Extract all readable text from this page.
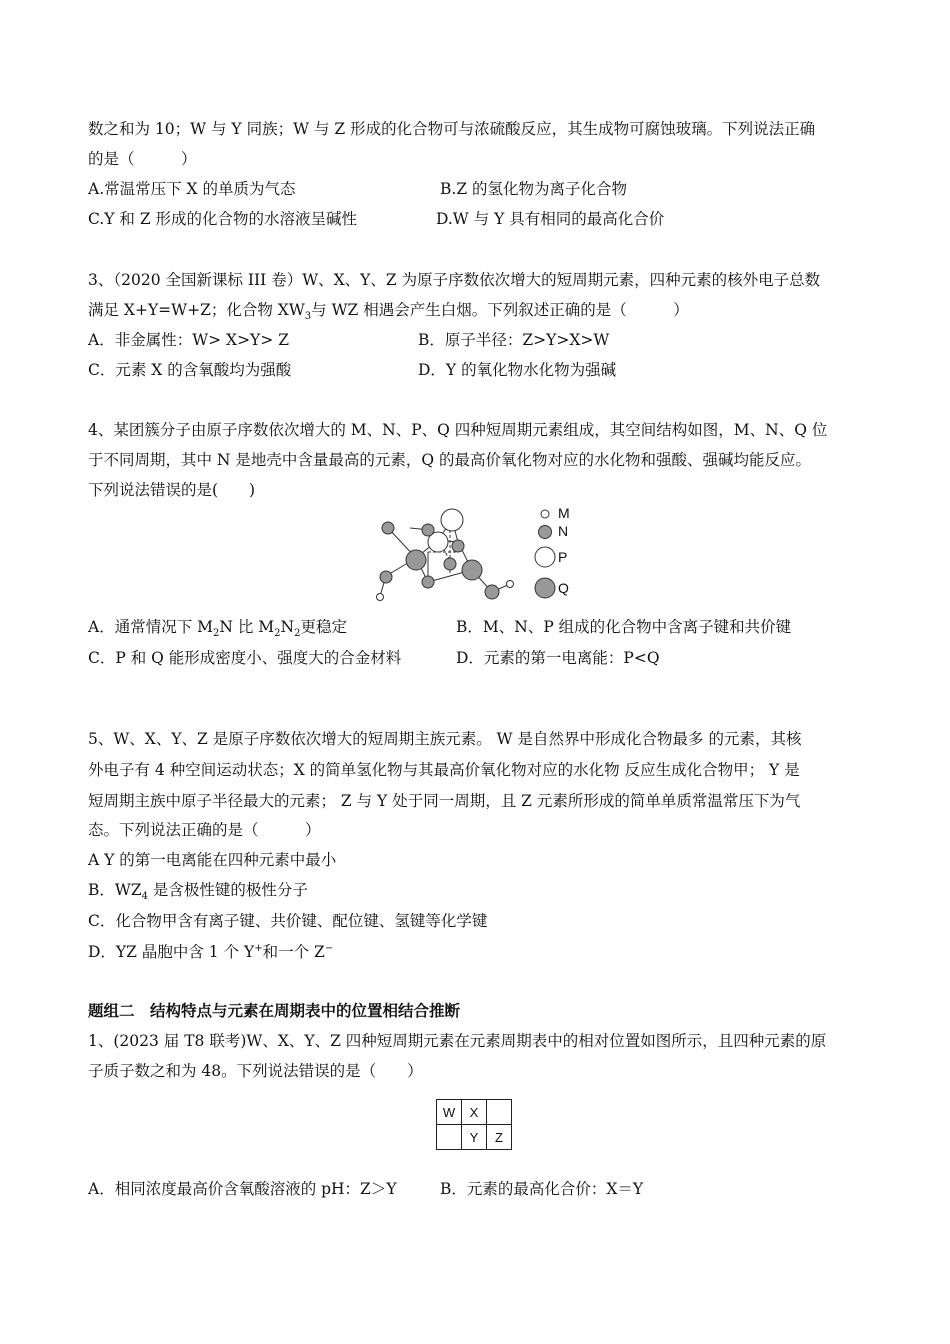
数之和为 10；W 与 Y 同族；W 与 Z 形成的化合物可与浓硫酸反应，其生成物可腐蚀玻璃。下列说法正确
的是（　　　）
A.常温常压下 X 的单质为气态	B.Z 的氢化物为离子化合物
C.Y 和 Z 形成的化合物的水溶液呈碱性	D.W 与 Y 具有相同的最高化合价
3、（2020 全国新课标 III 卷）W、X、Y、Z 为原子序数依次增大的短周期元素，四种元素的核外电子总数
满足 X+Y=W+Z；化合物 $XW_3$与 WZ 相遇会产生白烟。下列叙述正确的是（　　　）
A．非金属性：W> X>Y> Z	B．原子半径：Z>Y>X>W
C．元素 X 的含氧酸均为强酸	D．Y 的氧化物水化物为强碱
4、某团簇分子由原子序数依次增大的 M、N、P、Q 四种短周期元素组成，其空间结构如图，M、N、Q 位
于不同周期，其中 N 是地壳中含量最高的元素，Q 的最高价氧化物对应的水化物和强酸、强碱均能反应。
下列说法错误的是(　　)
M
N
P
Q
A．通常情况下 $M_2N$ 比 $M_2N_2$更稳定	B．M、N、P 组成的化合物中含离子键和共价键
C．P 和 Q 能形成密度小、强度大的合金材料	D．元素的第一电离能：P<Q
5、W、X、Y、Z 是原子序数依次增大的短周期主族元素。 W 是自然界中形成化合物最多 的元素，其核
外电子有 4 种空间运动状态；X 的简单氢化物与其最高价氧化物对应的水化物 反应生成化合物甲； Y 是
短周期主族中原子半径最大的元素； Z 与 Y 处于同一周期，且 Z 元素所形成的简单单质常温常压下为气
态。下列说法正确的是（　　　）
A Y 的第一电离能在四种元素中最小
B．$WZ_4$ 是含极性键的极性分子
C．化合物甲含有离子键、共价键、配位键、氢键等化学键
D．YZ 晶胞中含 1 个 Y+和一个 Z−
题组二　结构特点与元素在周期表中的位置相结合推断
1、(2023 届 T8 联考)W、X、Y、Z 四种短周期元素在元素周期表中的相对位置如图所示，且四种元素的原
子质子数之和为 48。下列说法错误的是（　　）
W	X	
	Y	Z
A．相同浓度最高价含氧酸溶液的 pH：Z＞Y	B．元素的最高化合价：X＝Y
